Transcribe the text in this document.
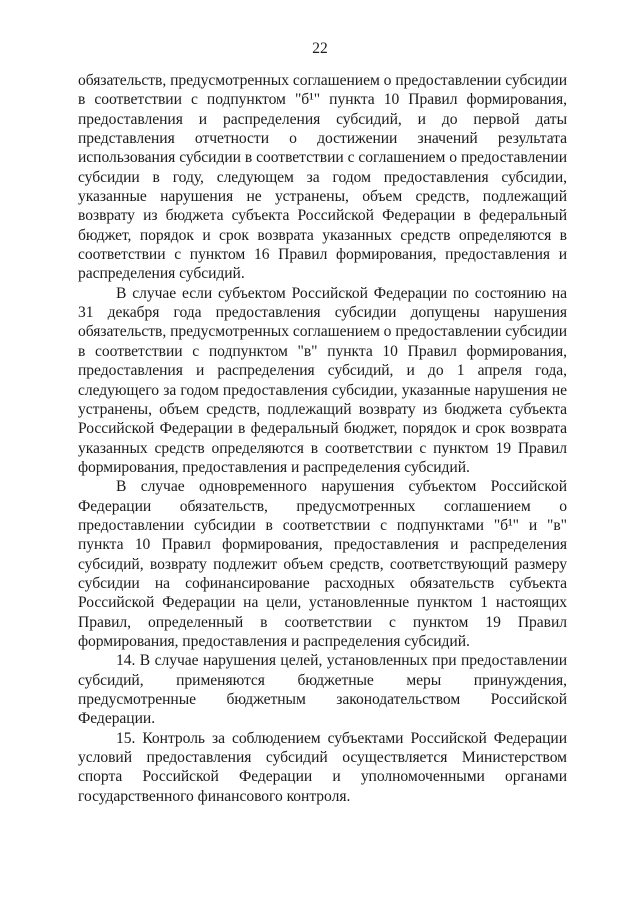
22

обязательств, предусмотренных соглашением о предоставлении субсидии в соответствии с подпунктом "б¹" пункта 10 Правил формирования, предоставления и распределения субсидий, и до первой даты представления отчетности о достижении значений результата использования субсидии в соответствии с соглашением о предоставлении субсидии в году, следующем за годом предоставления субсидии, указанные нарушения не устранены, объем средств, подлежащий возврату из бюджета субъекта Российской Федерации в федеральный бюджет, порядок и срок возврата указанных средств определяются в соответствии с пунктом 16 Правил формирования, предоставления и распределения субсидий.

В случае если субъектом Российской Федерации по состоянию на 31 декабря года предоставления субсидии допущены нарушения обязательств, предусмотренных соглашением о предоставлении субсидии в соответствии с подпунктом "в" пункта 10 Правил формирования, предоставления и распределения субсидий, и до 1 апреля года, следующего за годом предоставления субсидии, указанные нарушения не устранены, объем средств, подлежащий возврату из бюджета субъекта Российской Федерации в федеральный бюджет, порядок и срок возврата указанных средств определяются в соответствии с пунктом 19 Правил формирования, предоставления и распределения субсидий.

В случае одновременного нарушения субъектом Российской Федерации обязательств, предусмотренных соглашением о предоставлении субсидии в соответствии с подпунктами "б¹" и "в" пункта 10 Правил формирования, предоставления и распределения субсидий, возврату подлежит объем средств, соответствующий размеру субсидии на софинансирование расходных обязательств субъекта Российской Федерации на цели, установленные пунктом 1 настоящих Правил, определенный в соответствии с пунктом 19 Правил формирования, предоставления и распределения субсидий.

14. В случае нарушения целей, установленных при предоставлении субсидий, применяются бюджетные меры принуждения, предусмотренные бюджетным законодательством Российской Федерации.

15. Контроль за соблюдением субъектами Российской Федерации условий предоставления субсидий осуществляется Министерством спорта Российской Федерации и уполномоченными органами государственного финансового контроля.
